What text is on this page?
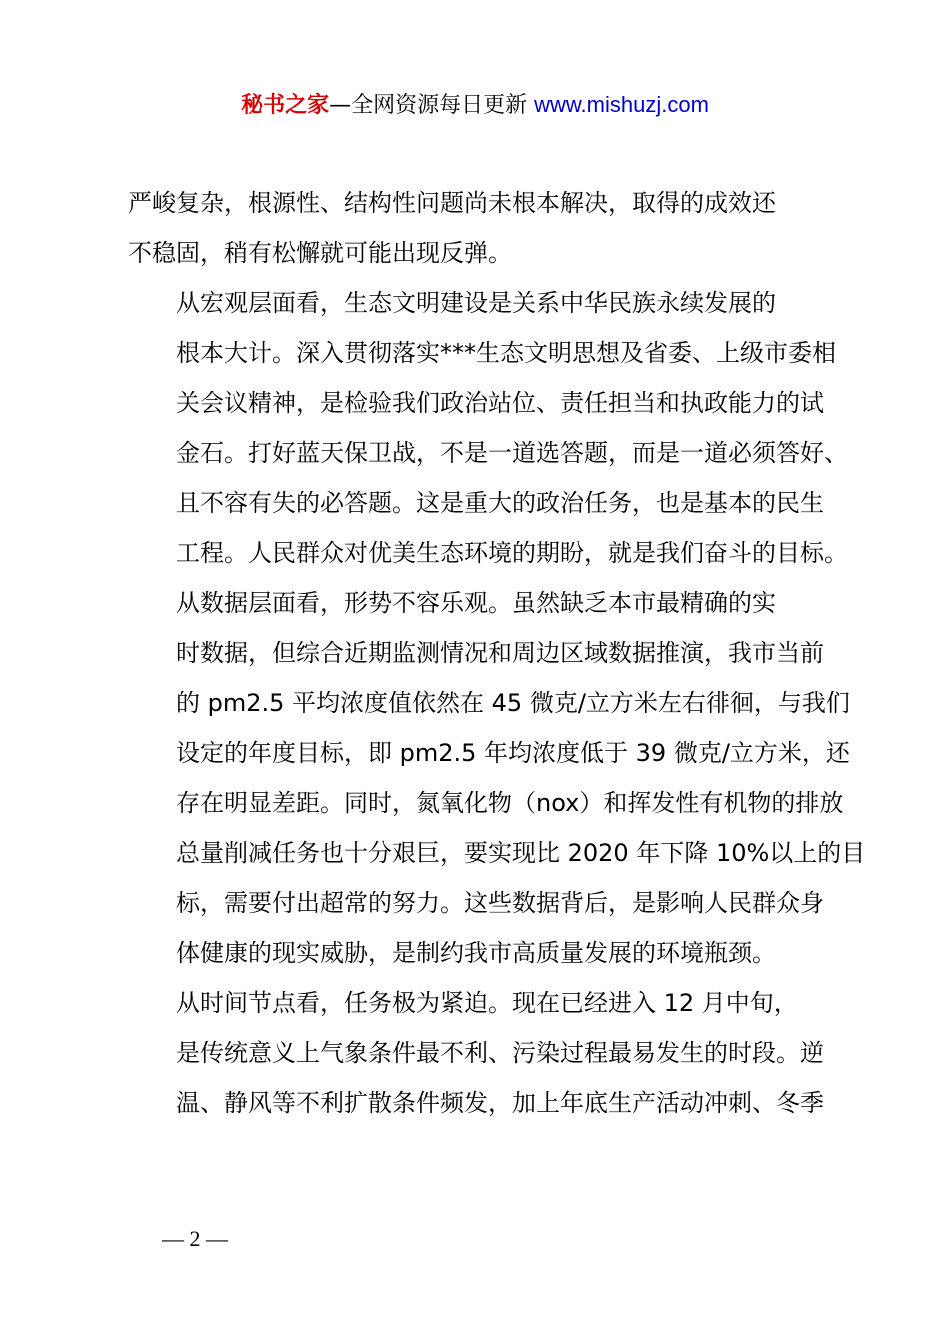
秘书之家—全网资源每日更新 www.mishuzj.com
严峻复杂，根源性、结构性问题尚未根本解决，取得的成效还
不稳固，稍有松懈就可能出现反弹。
从宏观层面看，生态文明建设是关系中华民族永续发展的
根本大计。深入贯彻落实***生态文明思想及省委、上级市委相
关会议精神，是检验我们政治站位、责任担当和执政能力的试
金石。打好蓝天保卫战，不是一道选答题，而是一道必须答好、
且不容有失的必答题。这是重大的政治任务，也是基本的民生
工程。人民群众对优美生态环境的期盼，就是我们奋斗的目标。
从数据层面看，形势不容乐观。虽然缺乏本市最精确的实
时数据，但综合近期监测情况和周边区域数据推演，我市当前
的 pm2.5 平均浓度值依然在 45 微克/立方米左右徘徊，与我们
设定的年度目标，即 pm2.5 年均浓度低于 39 微克/立方米，还
存在明显差距。同时，氮氧化物（nox）和挥发性有机物的排放
总量削减任务也十分艰巨，要实现比 2020 年下降 10%以上的目
标，需要付出超常的努力。这些数据背后，是影响人民群众身
体健康的现实威胁，是制约我市高质量发展的环境瓶颈。
从时间节点看，任务极为紧迫。现在已经进入 12 月中旬，
是传统意义上气象条件最不利、污染过程最易发生的时段。逆
温、静风等不利扩散条件频发，加上年底生产活动冲刺、冬季
— 2 —
